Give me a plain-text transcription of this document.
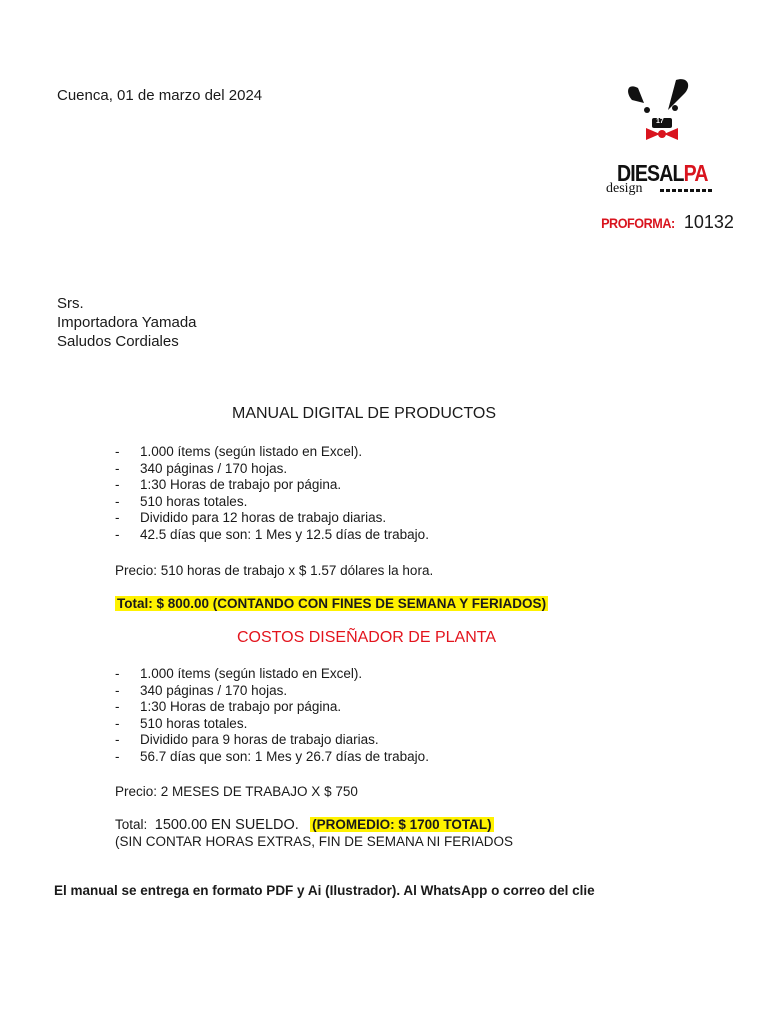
Cuenca, 01 de marzo del 2024
17
DIESALPA
design
PROFORMA: 10132
Srs.
Importadora Yamada
Saludos Cordiales
MANUAL DIGITAL DE PRODUCTOS
- 1.000 ítems (según listado en Excel).
- 340 páginas / 170 hojas.
- 1:30 Horas de trabajo por página.
- 510 horas totales.
- Dividido para 12 horas de trabajo diarias.
- 42.5 días que son: 1 Mes y 12.5 días de trabajo.
Precio: 510 horas de trabajo x $ 1.57 dólares la hora.
Total: $ 800.00 (CONTANDO CON FINES DE SEMANA Y FERIADOS)
COSTOS DISEÑADOR DE PLANTA
- 1.000 ítems (según listado en Excel).
- 340 páginas / 170 hojas.
- 1:30 Horas de trabajo por página.
- 510 horas totales.
- Dividido para 9 horas de trabajo diarias.
- 56.7 días que son: 1 Mes y 26.7 días de trabajo.
Precio: 2 MESES DE TRABAJO X $ 750
Total: 1500.00 EN SUELDO. (PROMEDIO: $ 1700 TOTAL)
(SIN CONTAR HORAS EXTRAS, FIN DE SEMANA NI FERIADOS
El manual se entrega en formato PDF y Ai (Ilustrador). Al WhatsApp o correo del clie
